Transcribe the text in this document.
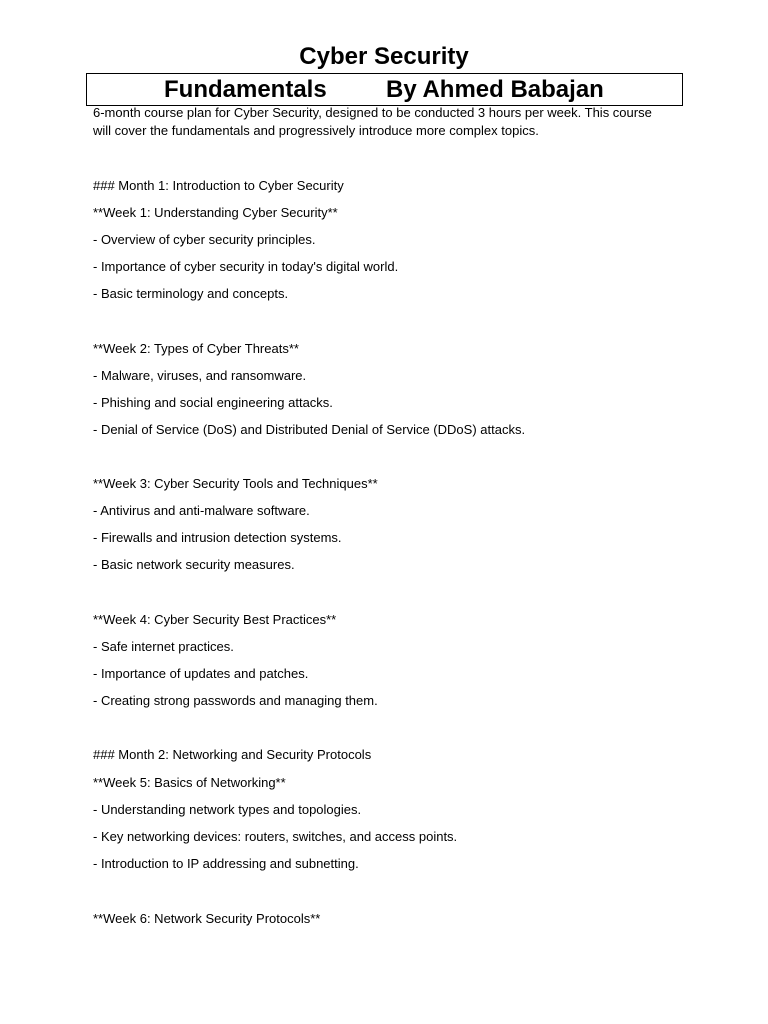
Cyber Security
Fundamentals By Ahmed Babajan
6-month course plan for Cyber Security, designed to be conducted 3 hours per week. This course will cover the fundamentals and progressively introduce more complex topics.
### Month 1: Introduction to Cyber Security
**Week 1: Understanding Cyber Security**
- Overview of cyber security principles.
- Importance of cyber security in today's digital world.
- Basic terminology and concepts.
**Week 2: Types of Cyber Threats**
- Malware, viruses, and ransomware.
- Phishing and social engineering attacks.
- Denial of Service (DoS) and Distributed Denial of Service (DDoS) attacks.
**Week 3: Cyber Security Tools and Techniques**
- Antivirus and anti-malware software.
- Firewalls and intrusion detection systems.
- Basic network security measures.
**Week 4: Cyber Security Best Practices**
- Safe internet practices.
- Importance of updates and patches.
- Creating strong passwords and managing them.
### Month 2: Networking and Security Protocols
**Week 5: Basics of Networking**
- Understanding network types and topologies.
- Key networking devices: routers, switches, and access points.
- Introduction to IP addressing and subnetting.
**Week 6: Network Security Protocols**
